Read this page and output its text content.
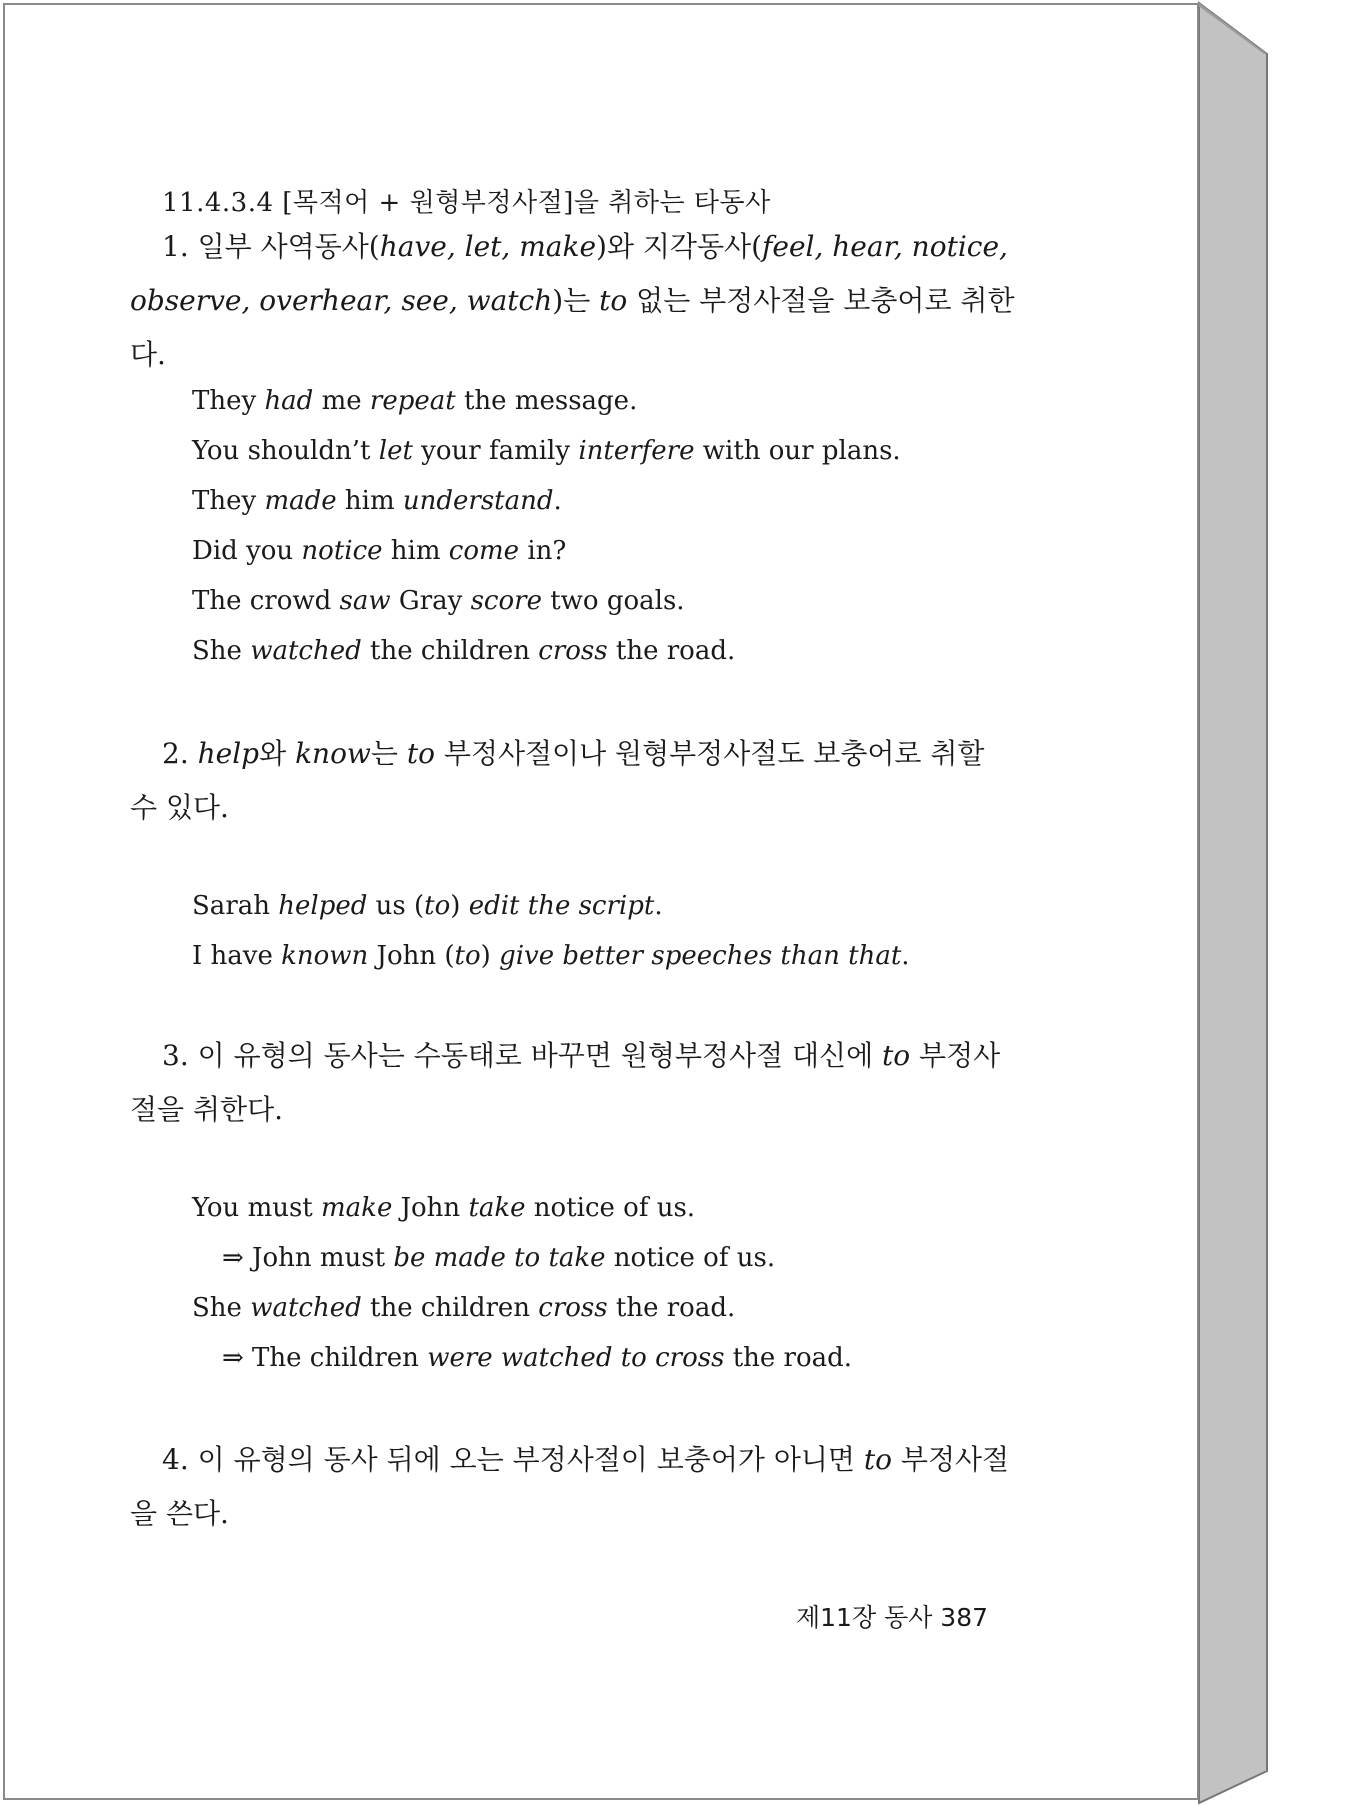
11.4.3.4 [목적어 + 원형부정사절]을 취하는 타동사

1. 일부 사역동사(have, let, make)와 지각동사(feel, hear, notice, observe, overhear, see, watch)는 to 없는 부정사절을 보충어로 취한다.

They had me repeat the message.
You shouldn’t let your family interfere with our plans.
They made him understand.
Did you notice him come in?
The crowd saw Gray score two goals.
She watched the children cross the road.

2. help와 know는 to 부정사절이나 원형부정사절도 보충어로 취할 수 있다.

Sarah helped us (to) edit the script.
I have known John (to) give better speeches than that.

3. 이 유형의 동사는 수동태로 바꾸면 원형부정사절 대신에 to 부정사절을 취한다.

You must make John take notice of us.
⇒ John must be made to take notice of us.
She watched the children cross the road.
⇒ The children were watched to cross the road.

4. 이 유형의 동사 뒤에 오는 부정사절이 보충어가 아니면 to 부정사절을 쓴다.

제11장 동사 387
